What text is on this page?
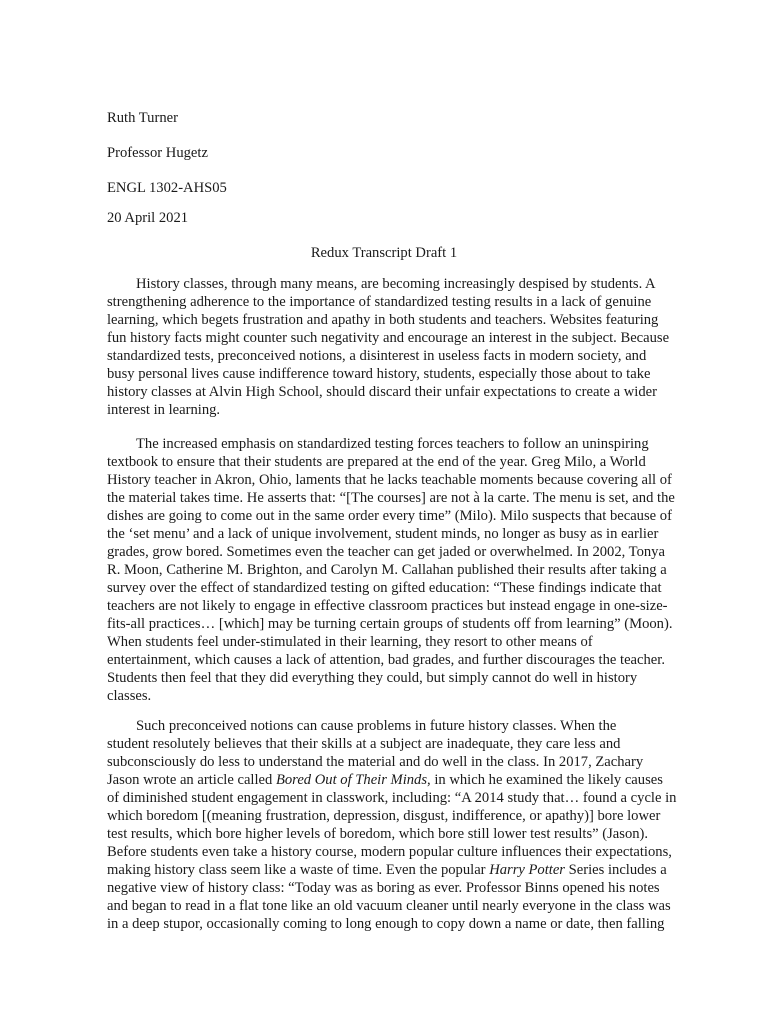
Ruth Turner
Professor Hugetz
ENGL 1302-AHS05
20 April 2021
Redux Transcript Draft 1
History classes, through many means, are becoming increasingly despised by students. A
strengthening adherence to the importance of standardized testing results in a lack of genuine
learning, which begets frustration and apathy in both students and teachers. Websites featuring
fun history facts might counter such negativity and encourage an interest in the subject. Because
standardized tests, preconceived notions, a disinterest in useless facts in modern society, and
busy personal lives cause indifference toward history, students, especially those about to take
history classes at Alvin High School, should discard their unfair expectations to create a wider
interest in learning.
The increased emphasis on standardized testing forces teachers to follow an uninspiring
textbook to ensure that their students are prepared at the end of the year. Greg Milo, a World
History teacher in Akron, Ohio, laments that he lacks teachable moments because covering all of
the material takes time. He asserts that: “[The courses] are not à la carte. The menu is set, and the
dishes are going to come out in the same order every time” (Milo). Milo suspects that because of
the ‘set menu’ and a lack of unique involvement, student minds, no longer as busy as in earlier
grades, grow bored. Sometimes even the teacher can get jaded or overwhelmed. In 2002, Tonya
R. Moon, Catherine M. Brighton, and Carolyn M. Callahan published their results after taking a
survey over the effect of standardized testing on gifted education: “These findings indicate that
teachers are not likely to engage in effective classroom practices but instead engage in one-size-
fits-all practices… [which] may be turning certain groups of students off from learning” (Moon).
When students feel under-stimulated in their learning, they resort to other means of
entertainment, which causes a lack of attention, bad grades, and further discourages the teacher.
Students then feel that they did everything they could, but simply cannot do well in history
classes.
Such preconceived notions can cause problems in future history classes. When the
student resolutely believes that their skills at a subject are inadequate, they care less and
subconsciously do less to understand the material and do well in the class. In 2017, Zachary
Jason wrote an article called Bored Out of Their Minds, in which he examined the likely causes
of diminished student engagement in classwork, including: “A 2014 study that… found a cycle in
which boredom [(meaning frustration, depression, disgust, indifference, or apathy)] bore lower
test results, which bore higher levels of boredom, which bore still lower test results” (Jason).
Before students even take a history course, modern popular culture influences their expectations,
making history class seem like a waste of time. Even the popular Harry Potter Series includes a
negative view of history class: “Today was as boring as ever. Professor Binns opened his notes
and began to read in a flat tone like an old vacuum cleaner until nearly everyone in the class was
in a deep stupor, occasionally coming to long enough to copy down a name or date, then falling
